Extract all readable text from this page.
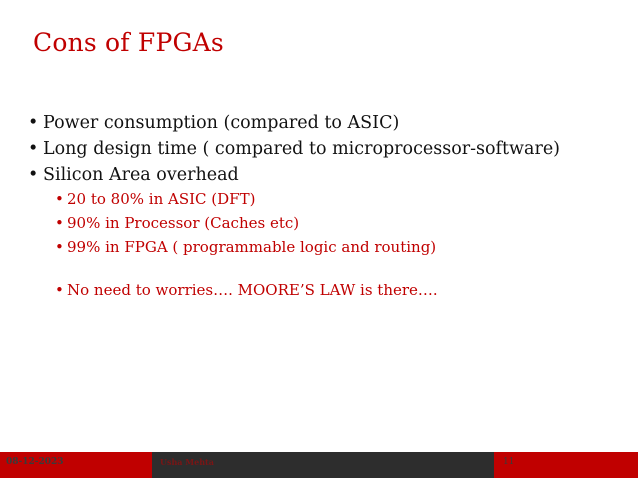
Cons of FPGAs
• Power consumption (compared to ASIC)
• Long design time ( compared to microprocessor-software)
• Silicon Area overhead
• 20 to 80% in ASIC (DFT)
• 90% in Processor (Caches etc)
• 99% in FPGA ( programmable logic and routing)
• No need to worries…. MOORE’S LAW is there….
08-12-2023	Usha Mehta	11
